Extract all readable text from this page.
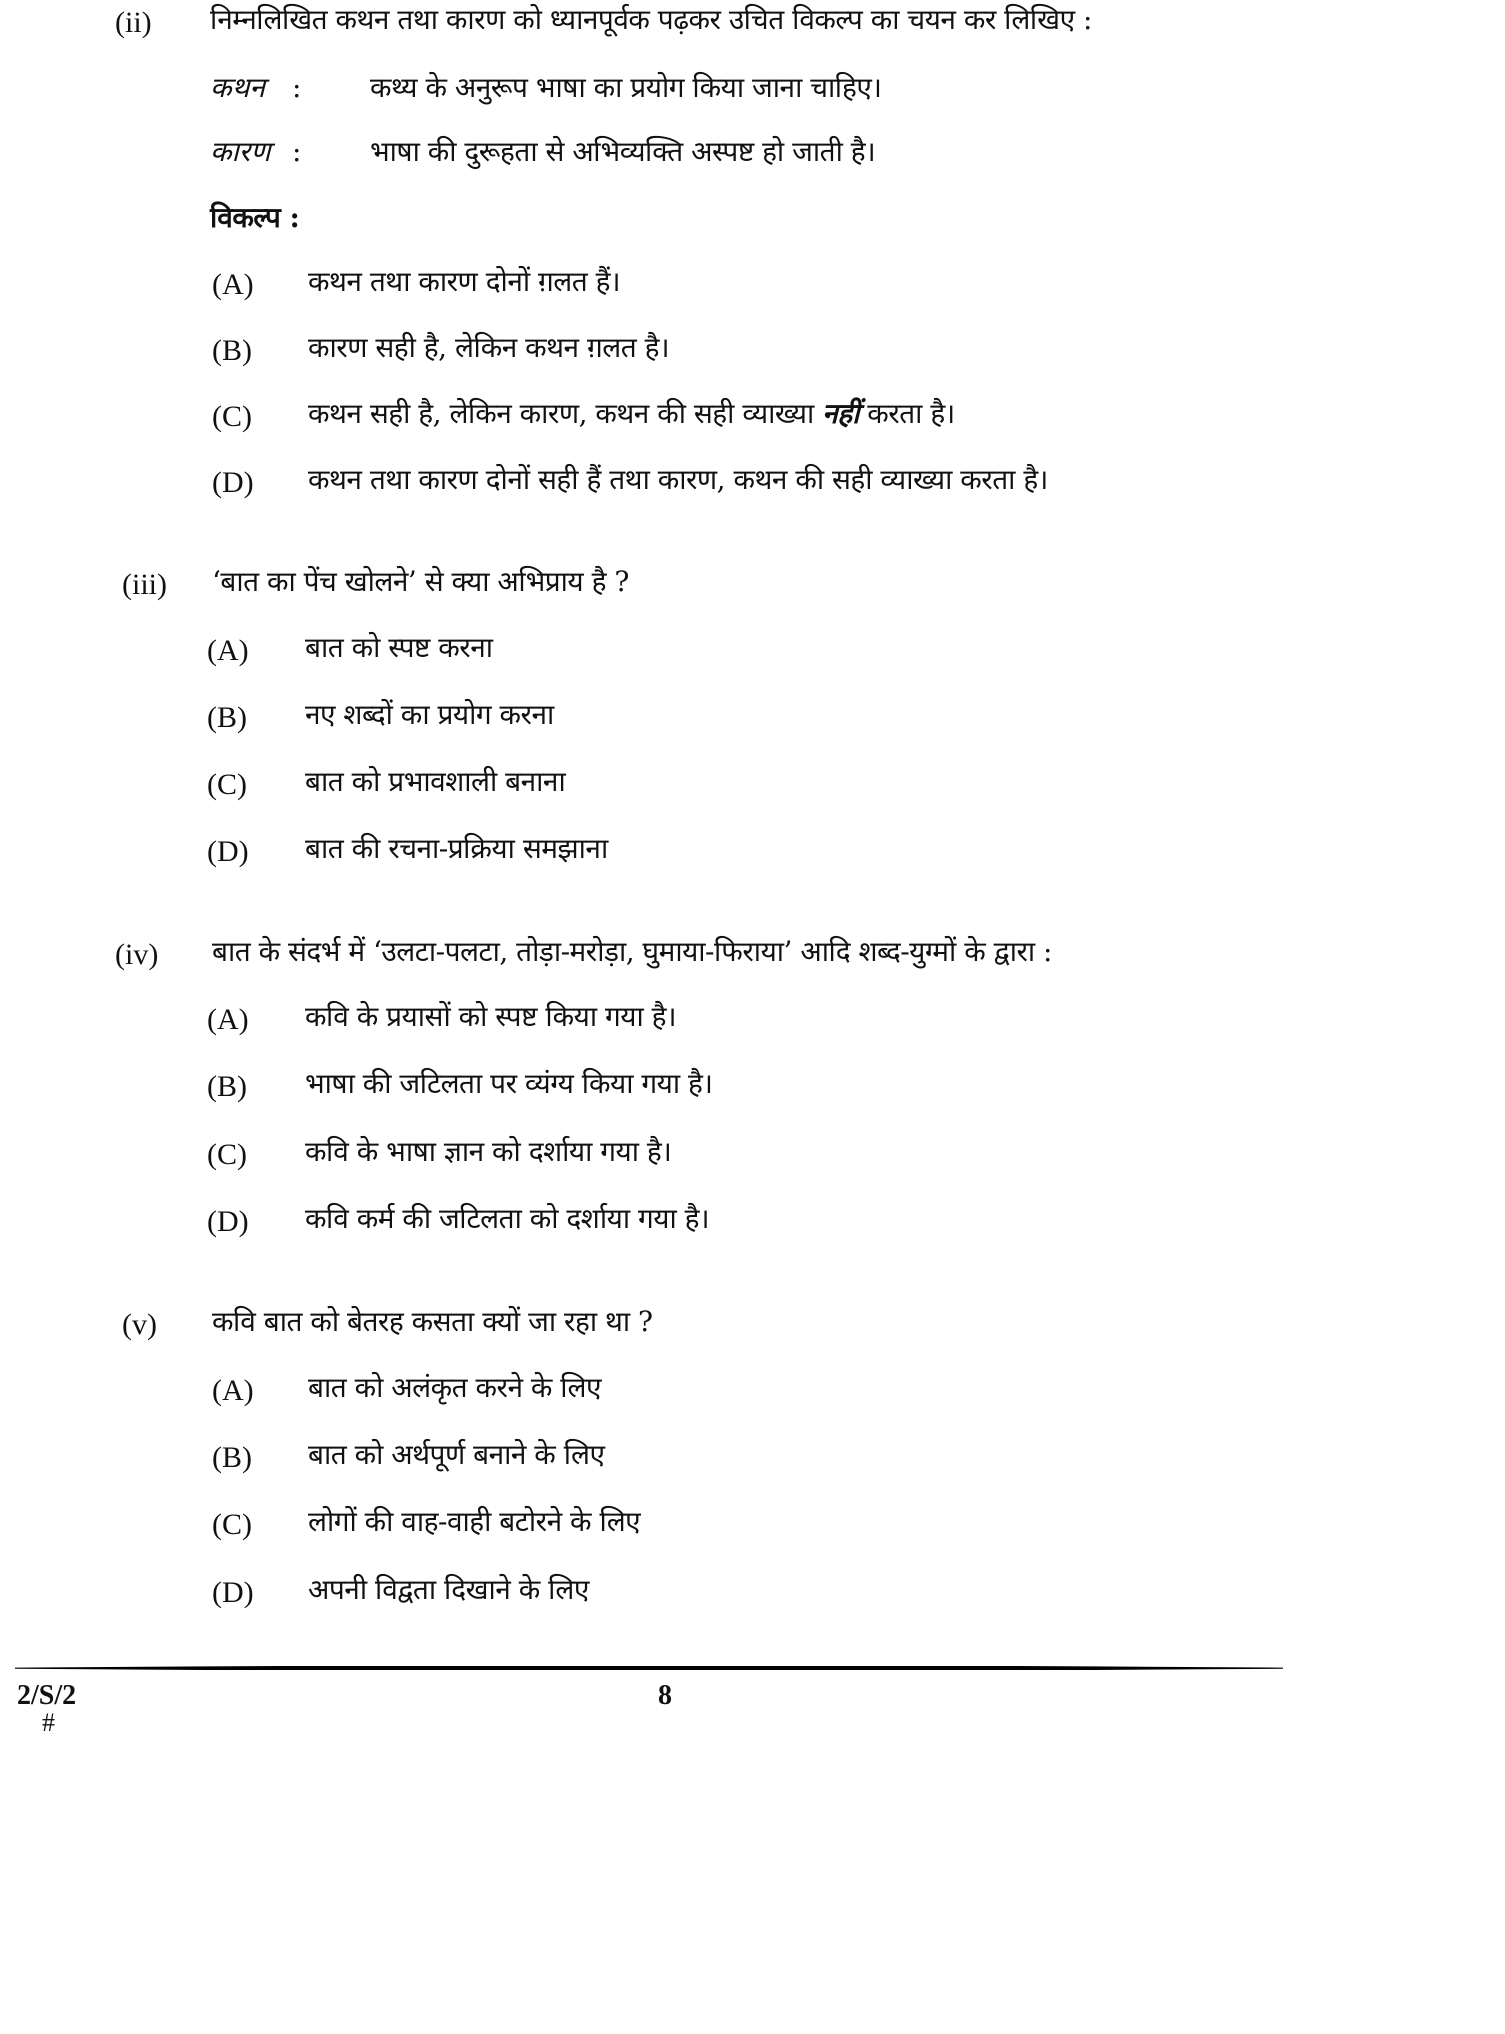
(ii) निम्नलिखित कथन तथा कारण को ध्यानपूर्वक पढ़कर उचित विकल्प का चयन कर लिखिए :
कथन : कथ्य के अनुरूप भाषा का प्रयोग किया जाना चाहिए।
कारण : भाषा की दुरूहता से अभिव्यक्ति अस्पष्ट हो जाती है।
विकल्प :
(A) कथन तथा कारण दोनों ग़लत हैं।
(B) कारण सही है, लेकिन कथन ग़लत है।
(C) कथन सही है, लेकिन कारण, कथन की सही व्याख्या नहीं करता है।
(D) कथन तथा कारण दोनों सही हैं तथा कारण, कथन की सही व्याख्या करता है।
(iii) ‘बात का पेंच खोलने’ से क्या अभिप्राय है ?
(A) बात को स्पष्ट करना
(B) नए शब्दों का प्रयोग करना
(C) बात को प्रभावशाली बनाना
(D) बात की रचना-प्रक्रिया समझाना
(iv) बात के संदर्भ में ‘उलटा-पलटा, तोड़ा-मरोड़ा, घुमाया-फिराया’ आदि शब्द-युग्मों के द्वारा :
(A) कवि के प्रयासों को स्पष्ट किया गया है।
(B) भाषा की जटिलता पर व्यंग्य किया गया है।
(C) कवि के भाषा ज्ञान को दर्शाया गया है।
(D) कवि कर्म की जटिलता को दर्शाया गया है।
(v) कवि बात को बेतरह कसता क्यों जा रहा था ?
(A) बात को अलंकृत करने के लिए
(B) बात को अर्थपूर्ण बनाने के लिए
(C) लोगों की वाह-वाही बटोरने के लिए
(D) अपनी विद्वता दिखाने के लिए
2/S/2	8
#
